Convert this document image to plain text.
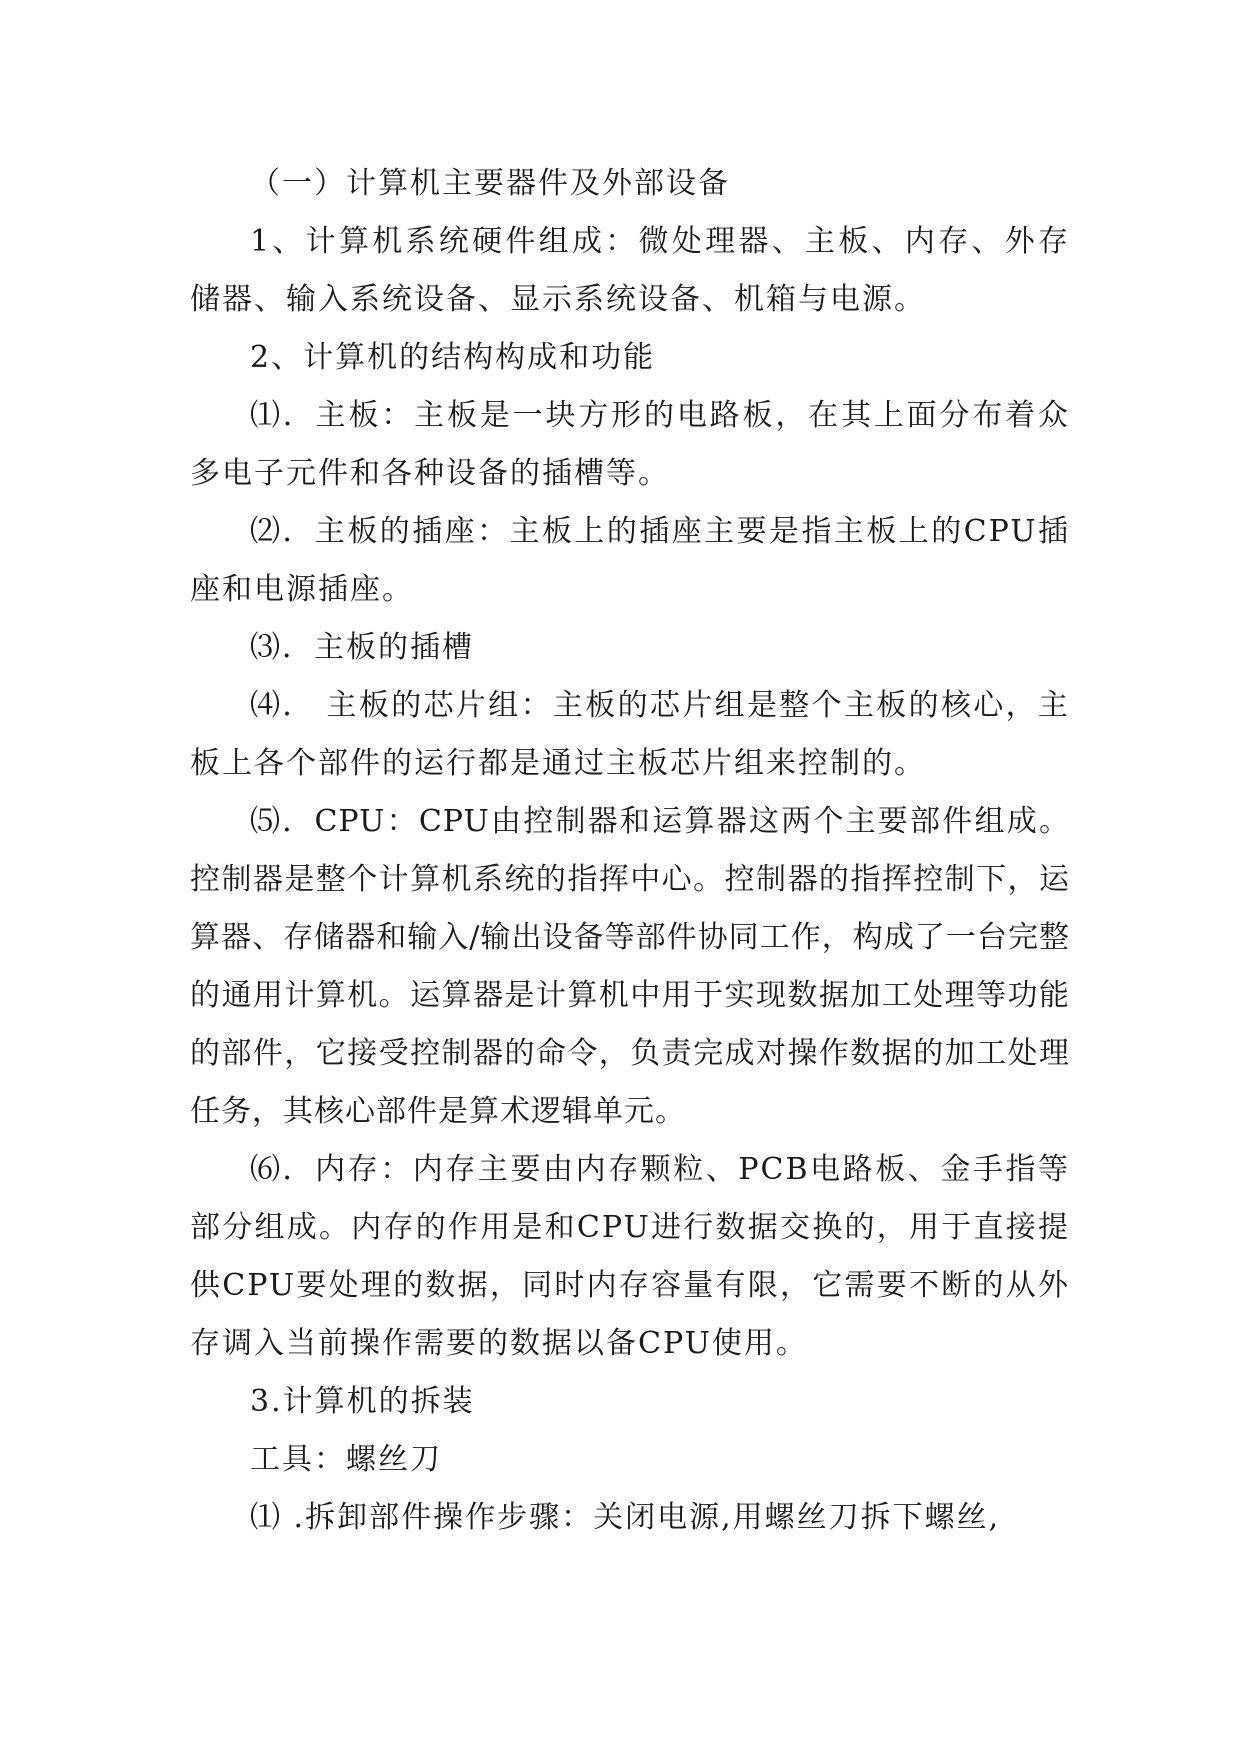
（一）计算机主要器件及外部设备

1、计算机系统硬件组成：微处理器、主板、内存、外存储器、输入系统设备、显示系统设备、机箱与电源。

2、计算机的结构构成和功能

⑴．主板：主板是一块方形的电路板，在其上面分布着众多电子元件和各种设备的插槽等。

⑵．主板的插座：主板上的插座主要是指主板上的CPU插座和电源插座。

⑶．主板的插槽

⑷． 主板的芯片组：主板的芯片组是整个主板的核心，主板上各个部件的运行都是通过主板芯片组来控制的。

⑸．CPU：CPU由控制器和运算器这两个主要部件组成。控制器是整个计算机系统的指挥中心。控制器的指挥控制下，运算器、存储器和输入/输出设备等部件协同工作，构成了一台完整的通用计算机。运算器是计算机中用于实现数据加工处理等功能的部件，它接受控制器的命令，负责完成对操作数据的加工处理任务，其核心部件是算术逻辑单元。

⑹．内存：内存主要由内存颗粒、PCB电路板、金手指等部分组成。内存的作用是和CPU进行数据交换的，用于直接提供CPU要处理的数据，同时内存容量有限，它需要不断的从外存调入当前操作需要的数据以备CPU使用。

3.计算机的拆装

工具：螺丝刀

⑴ .拆卸部件操作步骤：关闭电源,用螺丝刀拆下螺丝,
